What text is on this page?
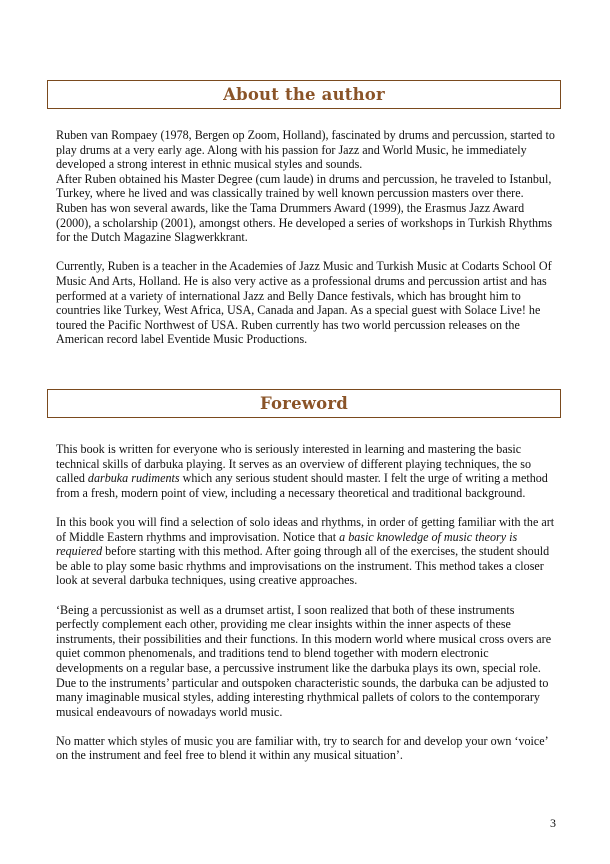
About the author

Ruben van Rompaey (1978, Bergen op Zoom, Holland), fascinated by drums and percussion, started to play drums at a very early age. Along with his passion for Jazz and World Music, he immediately developed a strong interest in ethnic musical styles and sounds.

After Ruben obtained his Master Degree (cum laude) in drums and percussion, he traveled to Istanbul, Turkey, where he lived and was classically trained by well known percussion masters over there.

Ruben has won several awards, like the Tama Drummers Award (1999), the Erasmus Jazz Award (2000), a scholarship (2001), amongst others. He developed a series of workshops in Turkish Rhythms for the Dutch Magazine Slagwerkkrant.

Currently, Ruben is a teacher in the Academies of Jazz Music and Turkish Music at Codarts School Of Music And Arts, Holland. He is also very active as a professional drums and percussion artist and has performed at a variety of international Jazz and Belly Dance festivals, which has brought him to countries like Turkey, West Africa, USA, Canada and Japan. As a special guest with Solace Live! he toured the Pacific Northwest of USA. Ruben currently has two world percussion releases on the American record label Eventide Music Productions.

Foreword

This book is written for everyone who is seriously interested in learning and mastering the basic technical skills of darbuka playing. It serves as an overview of different playing techniques, the so called darbuka rudiments which any serious student should master. I felt the urge of writing a method from a fresh, modern point of view, including a necessary theoretical and traditional background.

In this book you will find a selection of solo ideas and rhythms, in order of getting familiar with the art of Middle Eastern rhythms and improvisation. Notice that a basic knowledge of music theory is requiered before starting with this method. After going through all of the exercises, the student should be able to play some basic rhythms and improvisations on the instrument. This method takes a closer look at several darbuka techniques, using creative approaches.

‘Being a percussionist as well as a drumset artist, I soon realized that both of these instruments perfectly complement each other, providing me clear insights within the inner aspects of these instruments, their possibilities and their functions. In this modern world where musical cross overs are quiet common phenomenals, and traditions tend to blend together with modern electronic developments on a regular base, a percussive instrument like the darbuka plays its own, special role. Due to the instruments’ particular and outspoken characteristic sounds, the darbuka can be adjusted to many imaginable musical styles, adding interesting rhythmical pallets of colors to the contemporary musical endeavours of nowadays world music.

No matter which styles of music you are familiar with, try to search for and develop your own ‘voice’ on the instrument and feel free to blend it within any musical situation’.

3
